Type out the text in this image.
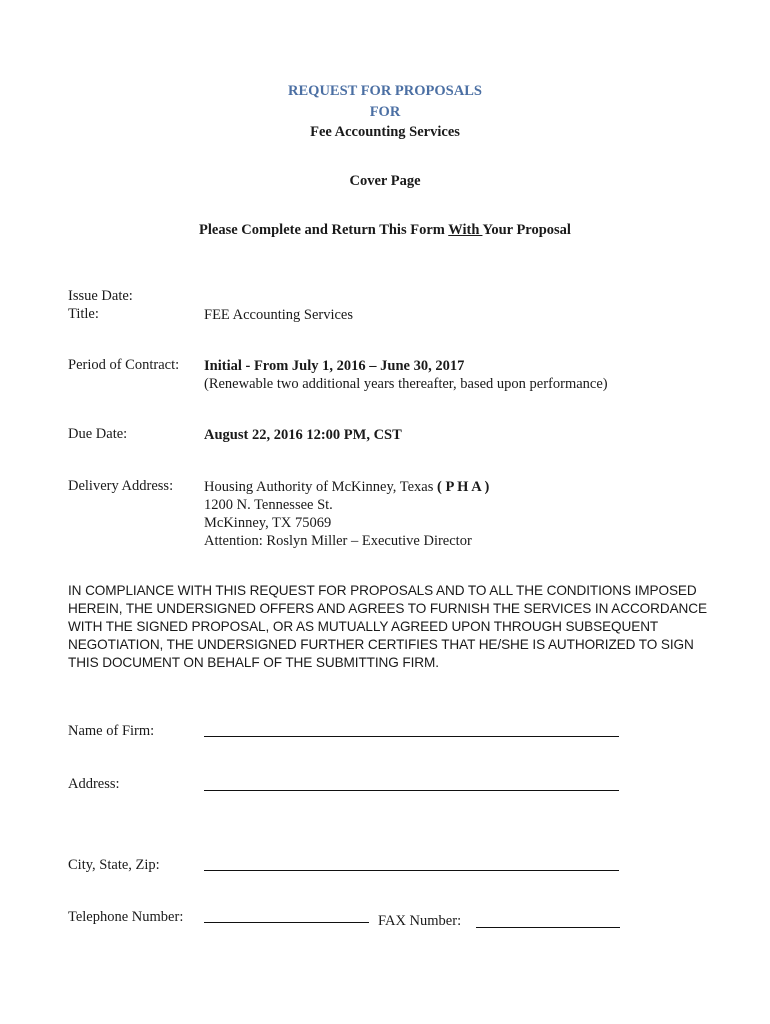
REQUEST FOR PROPOSALS
FOR
Fee Accounting Services
Cover Page
Please Complete and Return This Form With Your Proposal
Issue Date:
Title:	FEE Accounting Services
Period of Contract: Initial - From July 1, 2016 – June 30, 2017
(Renewable two additional years thereafter, based upon performance)
Due Date:	August 22, 2016 12:00 PM, CST
Delivery Address: Housing Authority of McKinney, Texas ( P H A )
1200 N. Tennessee St.
McKinney, TX 75069
Attention: Roslyn Miller – Executive Director
IN COMPLIANCE WITH THIS REQUEST FOR PROPOSALS AND TO ALL THE CONDITIONS IMPOSED HEREIN, THE UNDERSIGNED OFFERS AND AGREES TO FURNISH THE SERVICES IN ACCORDANCE WITH THE SIGNED PROPOSAL, OR AS MUTUALLY AGREED UPON THROUGH SUBSEQUENT NEGOTIATION, THE UNDERSIGNED FURTHER CERTIFIES THAT HE/SHE IS AUTHORIZED TO SIGN THIS DOCUMENT ON BEHALF OF THE SUBMITTING FIRM.
Name of Firm:
Address:
City, State, Zip:
Telephone Number:	FAX Number:
